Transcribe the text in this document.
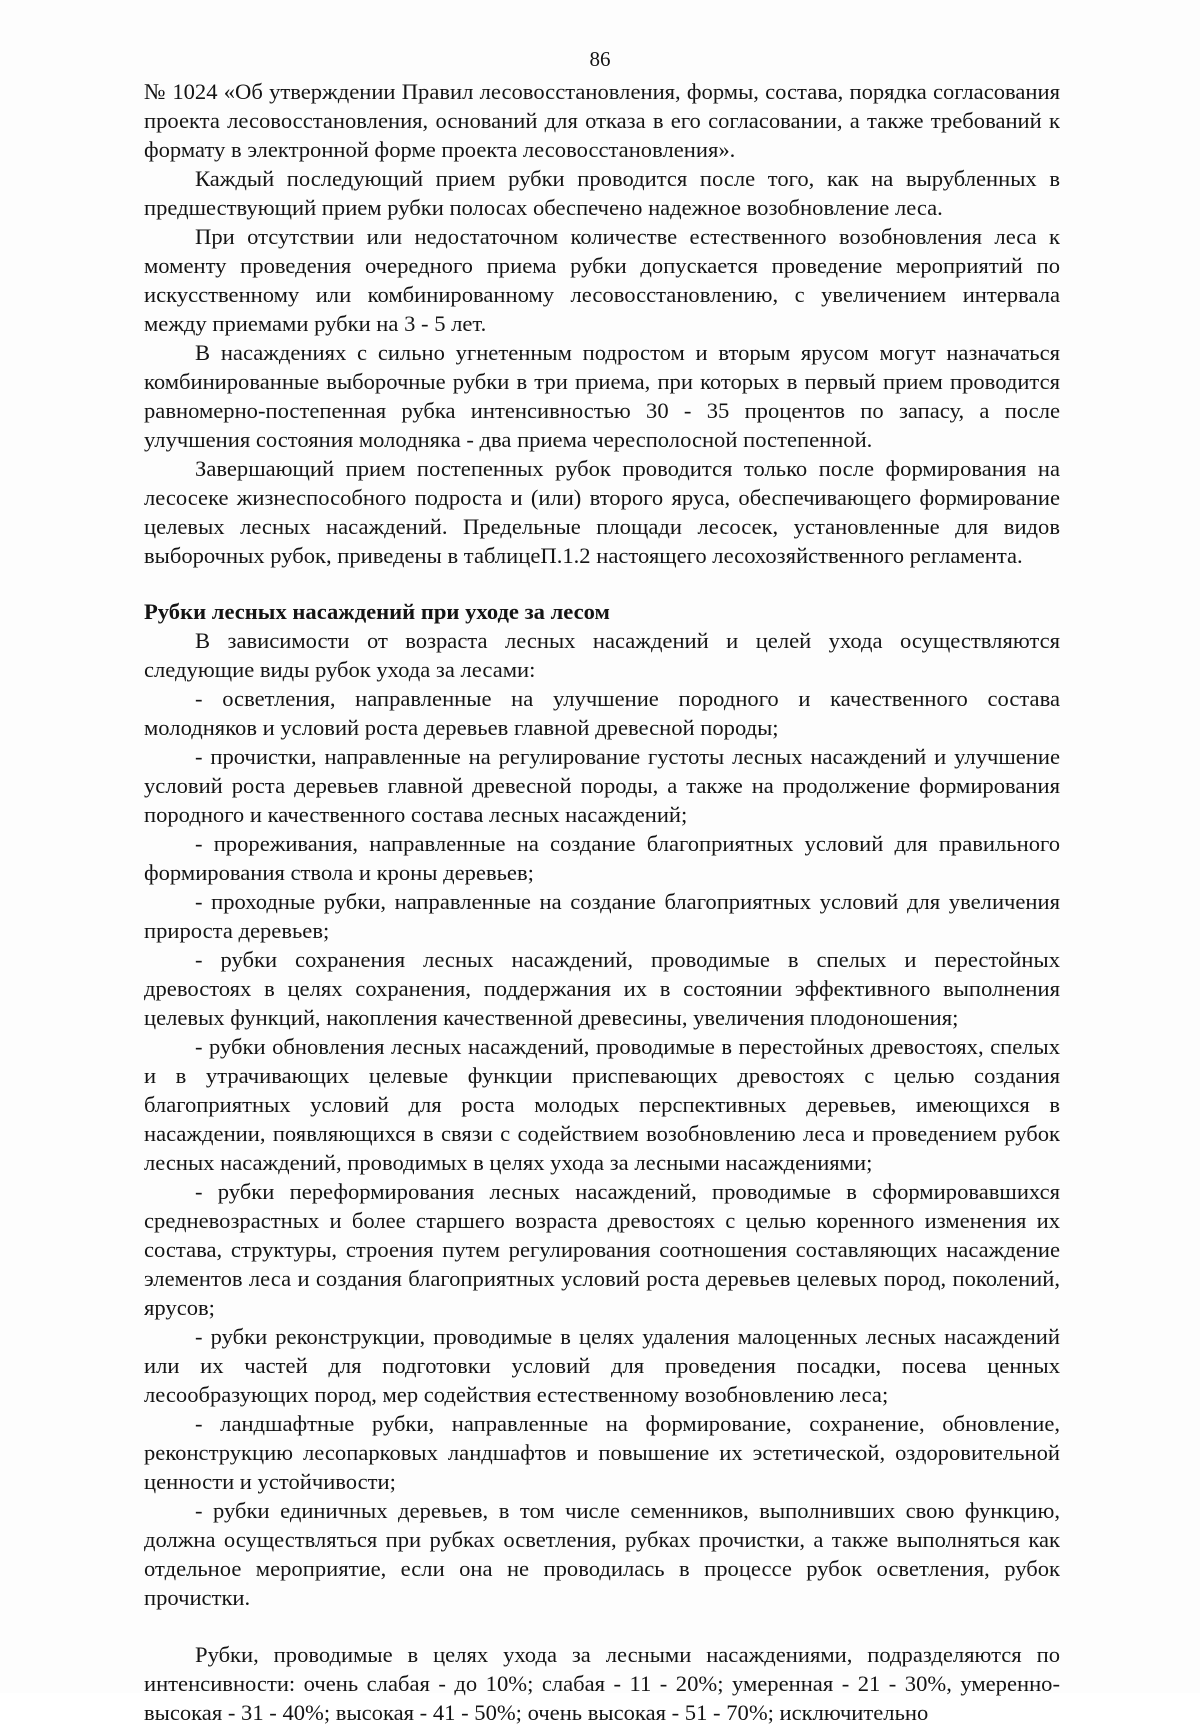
86

№ 1024 «Об утверждении Правил лесовосстановления, формы, состава, порядка согласования проекта лесовосстановления, оснований для отказа в его согласовании, а также требований к формату в электронной форме проекта лесовосстановления».

Каждый последующий прием рубки проводится после того, как на вырубленных в предшествующий прием рубки полосах обеспечено надежное возобновление леса.

При отсутствии или недостаточном количестве естественного возобновления леса к моменту проведения очередного приема рубки допускается проведение мероприятий по искусственному или комбинированному лесовосстановлению, с увеличением интервала между приемами рубки на 3 - 5 лет.

В насаждениях с сильно угнетенным подростом и вторым ярусом могут назначаться комбинированные выборочные рубки в три приема, при которых в первый прием проводится равномерно-постепенная рубка интенсивностью 30 - 35 процентов по запасу, а после улучшения состояния молодняка - два приема чересполосной постепенной.

Завершающий прием постепенных рубок проводится только после формирования на лесосеке жизнеспособного подроста и (или) второго яруса, обеспечивающего формирование целевых лесных насаждений. Предельные площади лесосек, установленные для видов выборочных рубок, приведены в таблицеП.1.2 настоящего лесохозяйственного регламента.

Рубки лесных насаждений при уходе за лесом

В зависимости от возраста лесных насаждений и целей ухода осуществляются следующие виды рубок ухода за лесами:

- осветления, направленные на улучшение породного и качественного состава молодняков и условий роста деревьев главной древесной породы;

- прочистки, направленные на регулирование густоты лесных насаждений и улучшение условий роста деревьев главной древесной породы, а также на продолжение формирования породного и качественного состава лесных насаждений;

- прореживания, направленные на создание благоприятных условий для правильного формирования ствола и кроны деревьев;

- проходные рубки, направленные на создание благоприятных условий для увеличения прироста деревьев;

- рубки сохранения лесных насаждений, проводимые в спелых и перестойных древостоях в целях сохранения, поддержания их в состоянии эффективного выполнения целевых функций, накопления качественной древесины, увеличения плодоношения;

- рубки обновления лесных насаждений, проводимые в перестойных древостоях, спелых и в утрачивающих целевые функции приспевающих древостоях с целью создания благоприятных условий для роста молодых перспективных деревьев, имеющихся в насаждении, появляющихся в связи с содействием возобновлению леса и проведением рубок лесных насаждений, проводимых в целях ухода за лесными насаждениями;

- рубки переформирования лесных насаждений, проводимые в сформировавшихся средневозрастных и более старшего возраста древостоях с целью коренного изменения их состава, структуры, строения путем регулирования соотношения составляющих насаждение элементов леса и создания благоприятных условий роста деревьев целевых пород, поколений, ярусов;

- рубки реконструкции, проводимые в целях удаления малоценных лесных насаждений или их частей для подготовки условий для проведения посадки, посева ценных лесообразующих пород, мер содействия естественному возобновлению леса;

- ландшафтные рубки, направленные на формирование, сохранение, обновление, реконструкцию лесопарковых ландшафтов и повышение их эстетической, оздоровительной ценности и устойчивости;

- рубки единичных деревьев, в том числе семенников, выполнивших свою функцию, должна осуществляться при рубках осветления, рубках прочистки, а также выполняться как отдельное мероприятие, если она не проводилась в процессе рубок осветления, рубок прочистки.

Рубки, проводимые в целях ухода за лесными насаждениями, подразделяются по интенсивности: очень слабая - до 10%; слабая - 11 - 20%; умеренная - 21 - 30%, умеренно-высокая - 31 - 40%; высокая - 41 - 50%; очень высокая - 51 - 70%; исключительно
